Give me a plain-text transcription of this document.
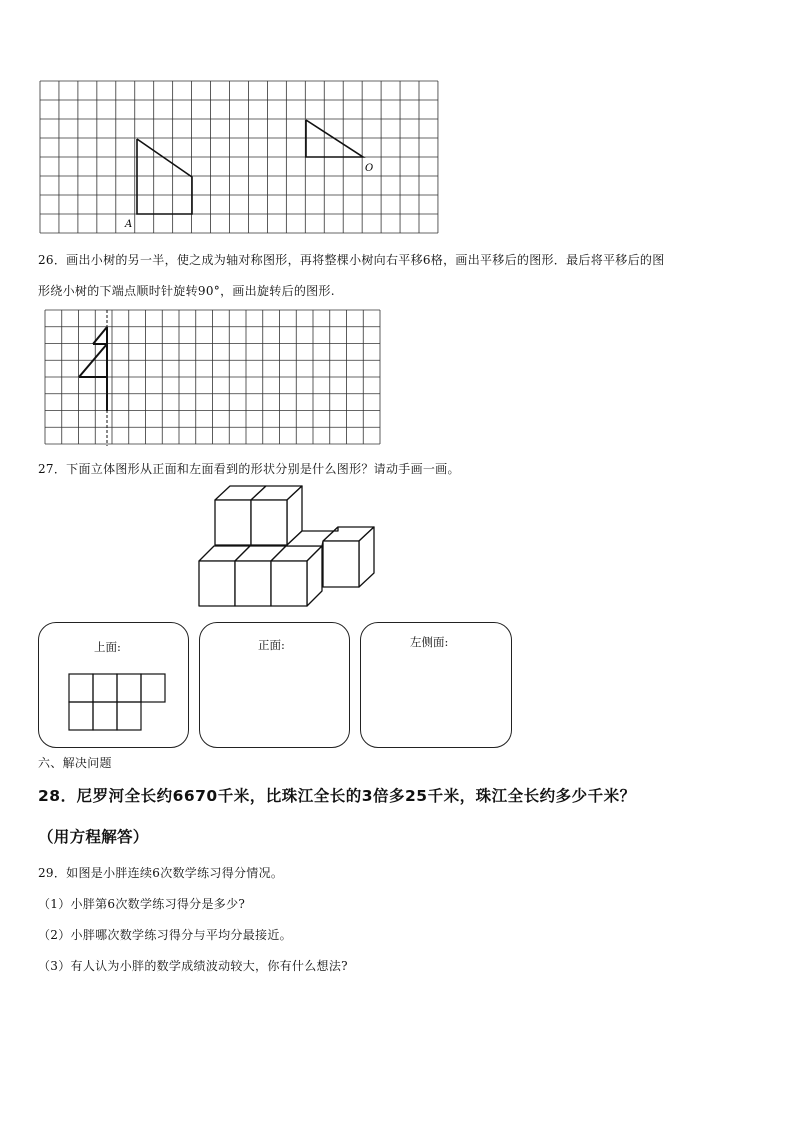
A
O
26．画出小树的另一半，使之成为轴对称图形，再将整棵小树向右平移6格，画出平移后的图形．最后将平移后的图
形绕小树的下端点顺时针旋转90°，画出旋转后的图形.
27．下面立体图形从正面和左面看到的形状分别是什么图形？请动手画一画。
上面:	正面:	左侧面:
六、解决问题
28．尼罗河全长约6670千米，比珠江全长的3倍多25千米，珠江全长约多少千米？
（用方程解答）
29．如图是小胖连续6次数学练习得分情况。
（1）小胖第6次数学练习得分是多少?
（2）小胖哪次数学练习得分与平均分最接近。
（3）有人认为小胖的数学成绩波动较大，你有什么想法?
